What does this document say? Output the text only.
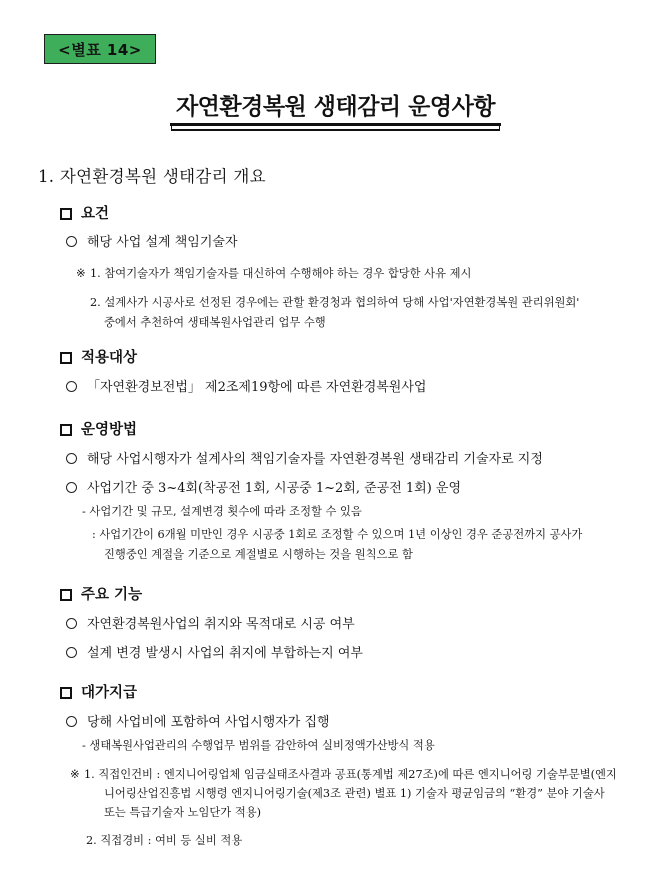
<별표 14>
자연환경복원 생태감리 운영사항
1. 자연환경복원 생태감리 개요
요건
해당 사업 설계 책임기술자
※ 1. 참여기술자가 책임기술자를 대신하여 수행해야 하는 경우 합당한 사유 제시
2. 설계사가 시공사로 선정된 경우에는 관할 환경청과 협의하여 당해 사업'자연환경복원 관리위원회'
중에서 추천하여 생태복원사업관리 업무 수행
적용대상
「자연환경보전법」 제2조제19항에 따른 자연환경복원사업
운영방법
해당 사업시행자가 설계사의 책임기술자를 자연환경복원 생태감리 기술자로 지정
사업기간 중 3~4회(착공전 1회, 시공중 1~2회, 준공전 1회) 운영
- 사업기간 및 규모, 설계변경 횟수에 따라 조정할 수 있음
: 사업기간이 6개월 미만인 경우 시공중 1회로 조정할 수 있으며 1년 이상인 경우 준공전까지 공사가
진행중인 계절을 기준으로 계절별로 시행하는 것을 원칙으로 함
주요 기능
자연환경복원사업의 취지와 목적대로 시공 여부
설계 변경 발생시 사업의 취지에 부합하는지 여부
대가지급
당해 사업비에 포함하여 사업시행자가 집행
- 생태복원사업관리의 수행업무 범위를 감안하여 실비정액가산방식 적용
※ 1. 직접인건비 : 엔지니어링업체 임금실태조사결과 공표(통계법 제27조)에 따른 엔지니어링 기술부문별(엔지
니어링산업진흥법 시행령 엔지니어링기술(제3조 관련) 별표 1) 기술자 평균임금의 “환경” 분야 기술사
또는 특급기술자 노임단가 적용)
2. 직접경비 : 여비 등 실비 적용
